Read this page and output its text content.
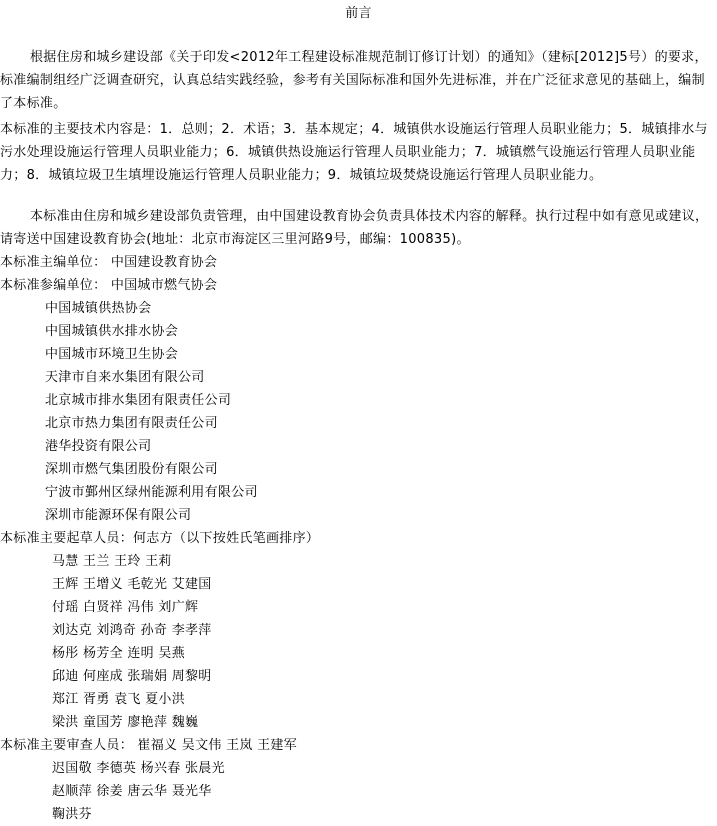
前言
根据住房和城乡建设部《关于印发<2012年工程建设标准规范制订修订计划）的通知》（建标[2012]5号）的要求，标准编制组经广泛调查研究，认真总结实践经验，参考有关国际标准和国外先进标准，并在广泛征求意见的基础上，编制了本标准。
本标准的主要技术内容是：1．总则；2．术语；3．基本规定；4．城镇供水设施运行管理人员职业能力；5．城镇排水与污水处理设施运行管理人员职业能力；6．城镇供热设施运行管理人员职业能力；7．城镇燃气设施运行管理人员职业能力；8．城镇垃圾卫生填埋设施运行管理人员职业能力；9．城镇垃圾焚烧设施运行管理人员职业能力。
本标准由住房和城乡建设部负责管理，由中国建设教育协会负责具体技术内容的解释。执行过程中如有意见或建议，请寄送中国建设教育协会(地址：北京市海淀区三里河路9号，邮编：100835)。
本标准主编单位： 中国建设教育协会
本标准参编单位： 中国城市燃气协会
中国城镇供热协会
中国城镇供水排水协会
中国城市环境卫生协会
天津市自来水集团有限公司
北京城市排水集团有限责任公司
北京市热力集团有限责任公司
港华投资有限公司
深圳市燃气集团股份有限公司
宁波市鄞州区绿州能源利用有限公司
深圳市能源环保有限公司
本标准主要起草人员：何志方（以下按姓氏笔画排序）
马慧 王兰 王玲 王莉
王辉 王增义 毛乾光 艾建国
付瑶 白贤祥 冯伟 刘广辉
刘达克 刘鸿奇 孙奇 李孝萍
杨彤 杨芳全 连明 吴燕
邱迪 何座成 张瑞娟 周黎明
郑江 胥勇 袁飞 夏小洪
梁洪 童国芳 廖艳萍 魏巍
本标准主要审查人员： 崔福义 吴文伟 王岚 王建军
迟国敬 李德英 杨兴春 张晨光
赵顺萍 徐姜 唐云华 聂光华
鞠洪芬
